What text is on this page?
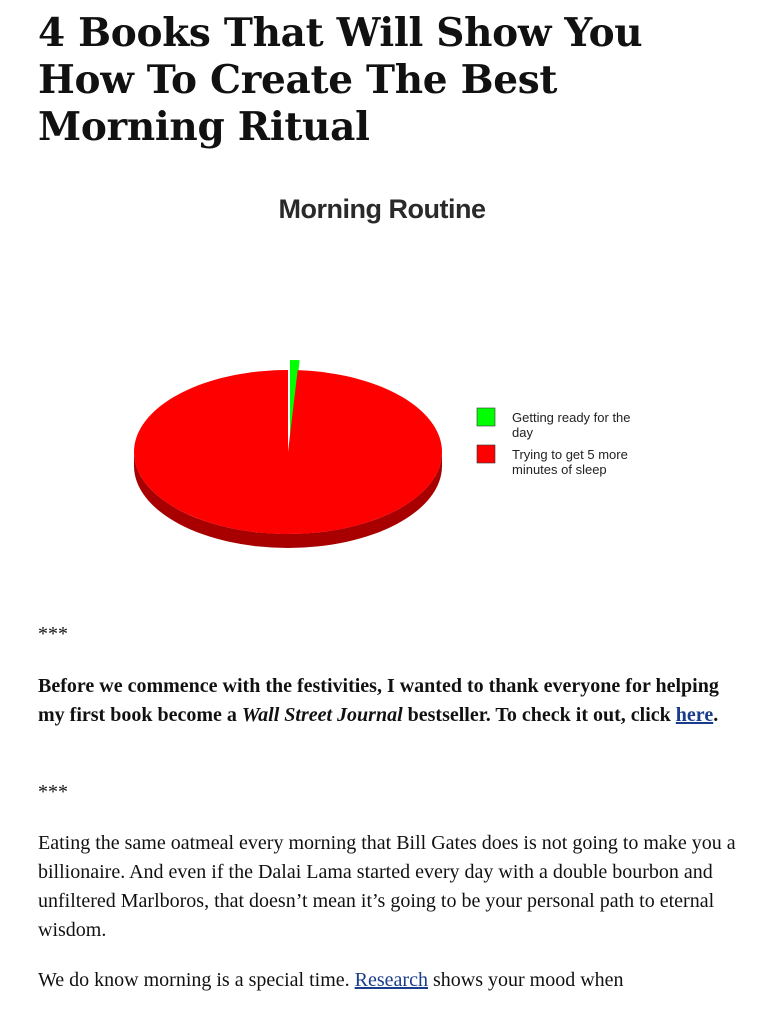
4 Books That Will Show You
How To Create The Best
Morning Ritual
Morning Routine
Getting ready for the
day
Trying to get 5 more
minutes of sleep
***

Before we commence with the festivities, I wanted to thank everyone for helping my first book become a Wall Street Journal bestseller. To check it out, click here.

***

Eating the same oatmeal every morning that Bill Gates does is not going to make you a billionaire. And even if the Dalai Lama started every day with a double bourbon and unfiltered Marlboros, that doesn’t mean it’s going to be your personal path to eternal wisdom.

We do know morning is a special time. Research shows your mood when
